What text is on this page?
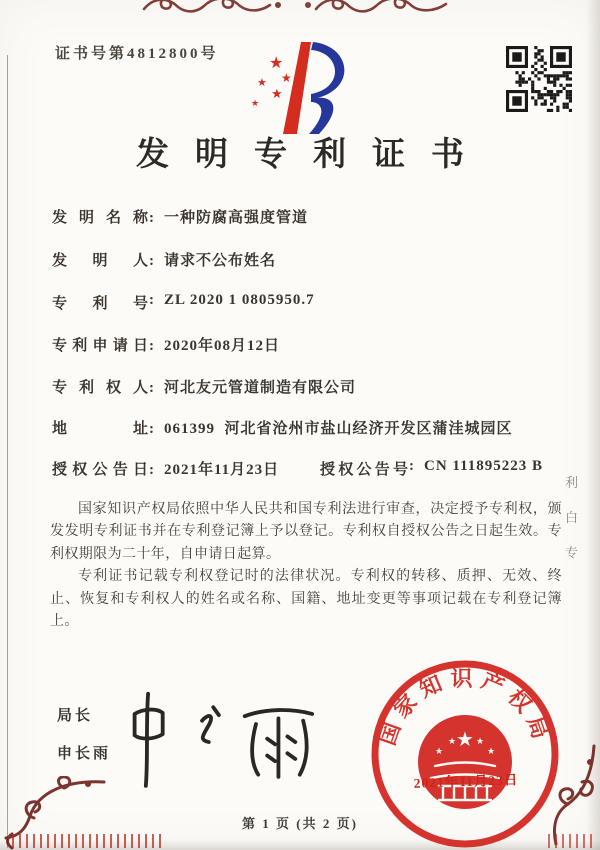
证书号第4812800号	★
★
★
★
★
发明专利证书
发明名称: 一种防腐高强度管道
发明人: 请求不公布姓名
专利号: ZL 2020 1 0805950.7
专利申请日: 2020年08月12日
专利权人: 河北友元管道制造有限公司
地址: 061399  河北省沧州市盐山经济开发区蒲洼城园区
授权公告日: 2021年11月23日	授权公告号: CN 111895223 B

国家知识产权局依照中华人民共和国专利法进行审查，决定授予专利权，颁发发明专利证书并在专利登记簿上予以登记。专利权自授权公告之日起生效。专利权期限为二十年，自申请日起算。

专利证书记载专利权登记时的法律状况。专利权的转移、质押、无效、终止、恢复和专利权人的姓名或名称、国籍、地址变更等事项记载在专利登记簿上。

利
白
专
局长
申长雨
国家知识产权局
★
★
★ ★
★
2021年11月23日
第 1 页 (共 2 页)
